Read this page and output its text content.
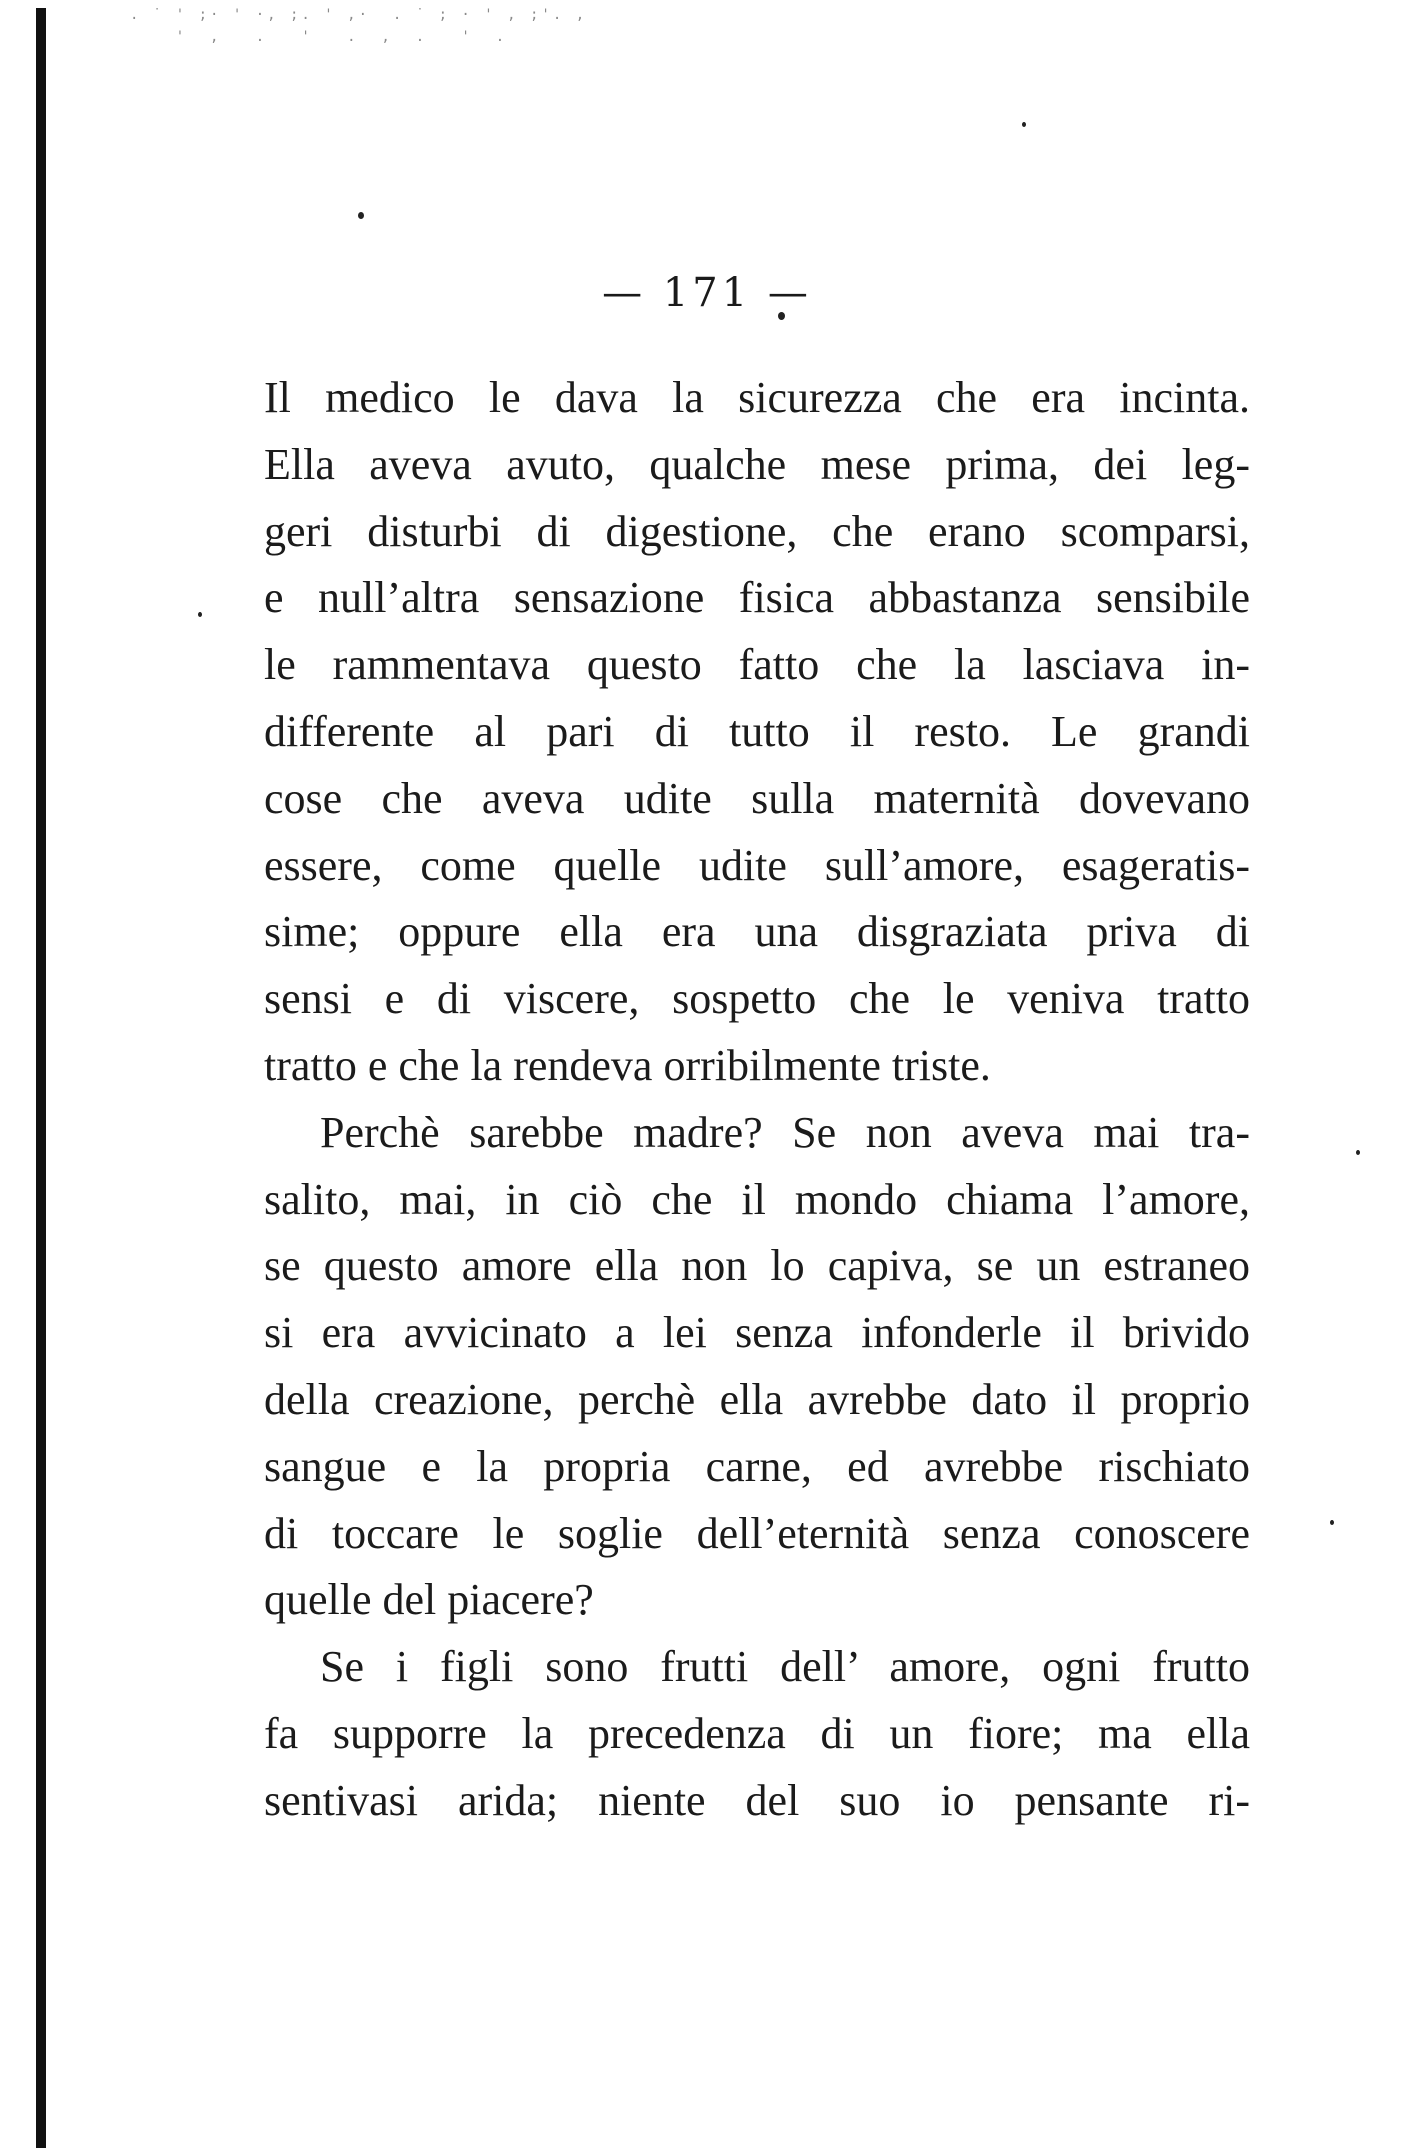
. ˙ ' ;· ' ·, ;. ' ,·  . ˙ ; · ' , ;'. ,
'  ,   .   '   .  ,  .   '  .
— 171 —
Il medico le dava la sicurezza che era incinta.
Ella aveva avuto, qualche mese prima, dei leg-
geri disturbi di digestione, che erano scomparsi,
e null’altra sensazione fisica abbastanza sensibile
le rammentava questo fatto che la lasciava in-
differente al pari di tutto il resto. Le grandi
cose che aveva udite sulla maternità dovevano
essere, come quelle udite sull’amore, esageratis-
sime; oppure ella era una disgraziata priva di
sensi e di viscere, sospetto che le veniva tratto
tratto e che la rendeva orribilmente triste.
Perchè sarebbe madre? Se non aveva mai tra-
salito, mai, in ciò che il mondo chiama l’amore,
se questo amore ella non lo capiva, se un estraneo
si era avvicinato a lei senza infonderle il brivido
della creazione, perchè ella avrebbe dato il proprio
sangue e la propria carne, ed avrebbe rischiato
di toccare le soglie dell’eternità senza conoscere
quelle del piacere?
Se i figli sono frutti dell’ amore, ogni frutto
fa supporre la precedenza di un fiore; ma ella
sentivasi arida; niente del suo io pensante ri-
